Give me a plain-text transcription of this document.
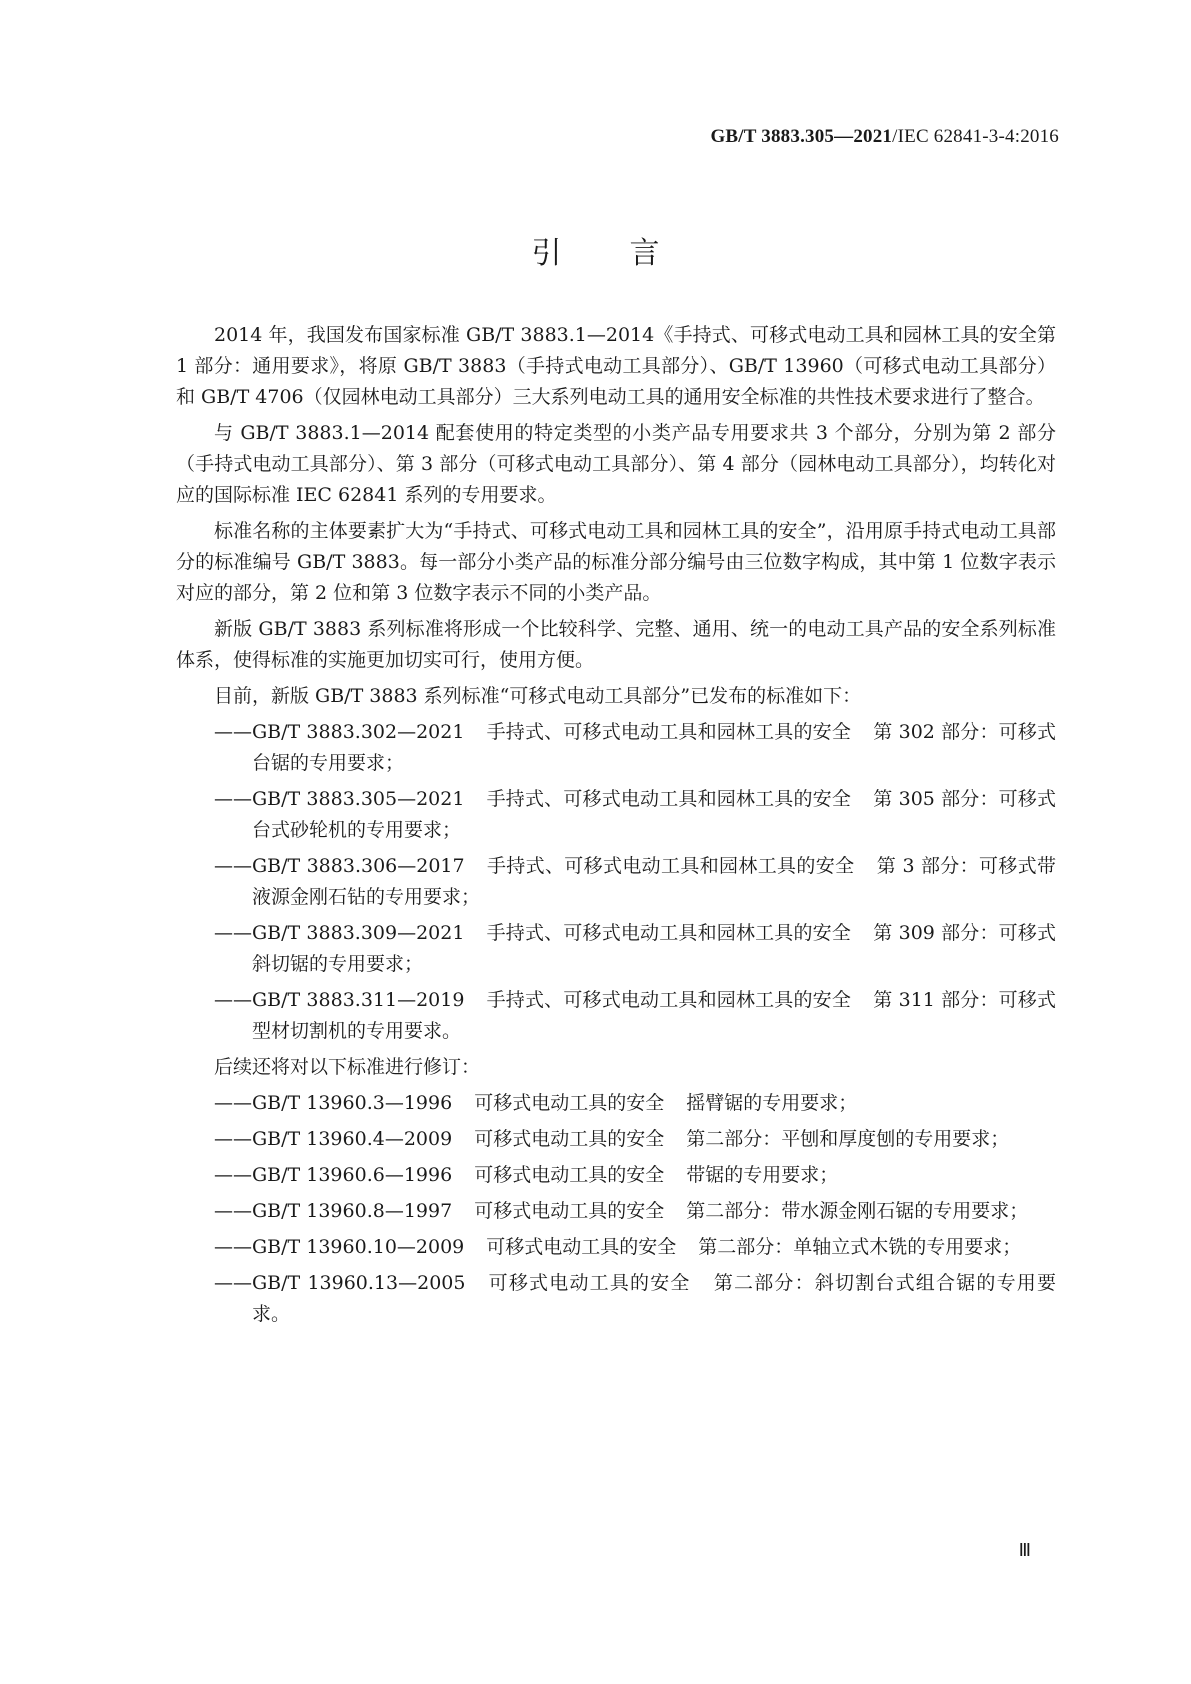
GB/T 3883.305—2021/IEC 62841-3-4:2016
引言

2014 年，我国发布国家标准 GB/T 3883.1—2014《手持式、可移式电动工具和园林工具的安全第 1 部分：通用要求》，将原 GB/T 3883（手持式电动工具部分）、GB/T 13960（可移式电动工具部分）和 GB/T 4706（仅园林电动工具部分）三大系列电动工具的通用安全标准的共性技术要求进行了整合。

与 GB/T 3883.1—2014 配套使用的特定类型的小类产品专用要求共 3 个部分，分别为第 2 部分（手持式电动工具部分）、第 3 部分（可移式电动工具部分）、第 4 部分（园林电动工具部分），均转化对应的国际标准 IEC 62841 系列的专用要求。

标准名称的主体要素扩大为“手持式、可移式电动工具和园林工具的安全”，沿用原手持式电动工具部分的标准编号 GB/T 3883。每一部分小类产品的标准分部分编号由三位数字构成，其中第 1 位数字表示对应的部分，第 2 位和第 3 位数字表示不同的小类产品。

新版 GB/T 3883 系列标准将形成一个比较科学、完整、通用、统一的电动工具产品的安全系列标准体系，使得标准的实施更加切实可行，使用方便。

目前，新版 GB/T 3883 系列标准“可移式电动工具部分”已发布的标准如下：

——GB/T 3883.302—2021 手持式、可移式电动工具和园林工具的安全 第 302 部分：可移式台锯的专用要求；
——GB/T 3883.305—2021 手持式、可移式电动工具和园林工具的安全 第 305 部分：可移式台式砂轮机的专用要求；
——GB/T 3883.306—2017 手持式、可移式电动工具和园林工具的安全 第 3 部分：可移式带液源金刚石钻的专用要求；
——GB/T 3883.309—2021 手持式、可移式电动工具和园林工具的安全 第 309 部分：可移式斜切锯的专用要求；
——GB/T 3883.311—2019 手持式、可移式电动工具和园林工具的安全 第 311 部分：可移式型材切割机的专用要求。

后续还将对以下标准进行修订：

——GB/T 13960.3—1996 可移式电动工具的安全 摇臂锯的专用要求；
——GB/T 13960.4—2009 可移式电动工具的安全 第二部分：平刨和厚度刨的专用要求；
——GB/T 13960.6—1996 可移式电动工具的安全 带锯的专用要求；
——GB/T 13960.8—1997 可移式电动工具的安全 第二部分：带水源金刚石锯的专用要求；
——GB/T 13960.10—2009 可移式电动工具的安全 第二部分：单轴立式木铣的专用要求；
——GB/T 13960.13—2005 可移式电动工具的安全 第二部分：斜切割台式组合锯的专用要求。
Ⅲ
